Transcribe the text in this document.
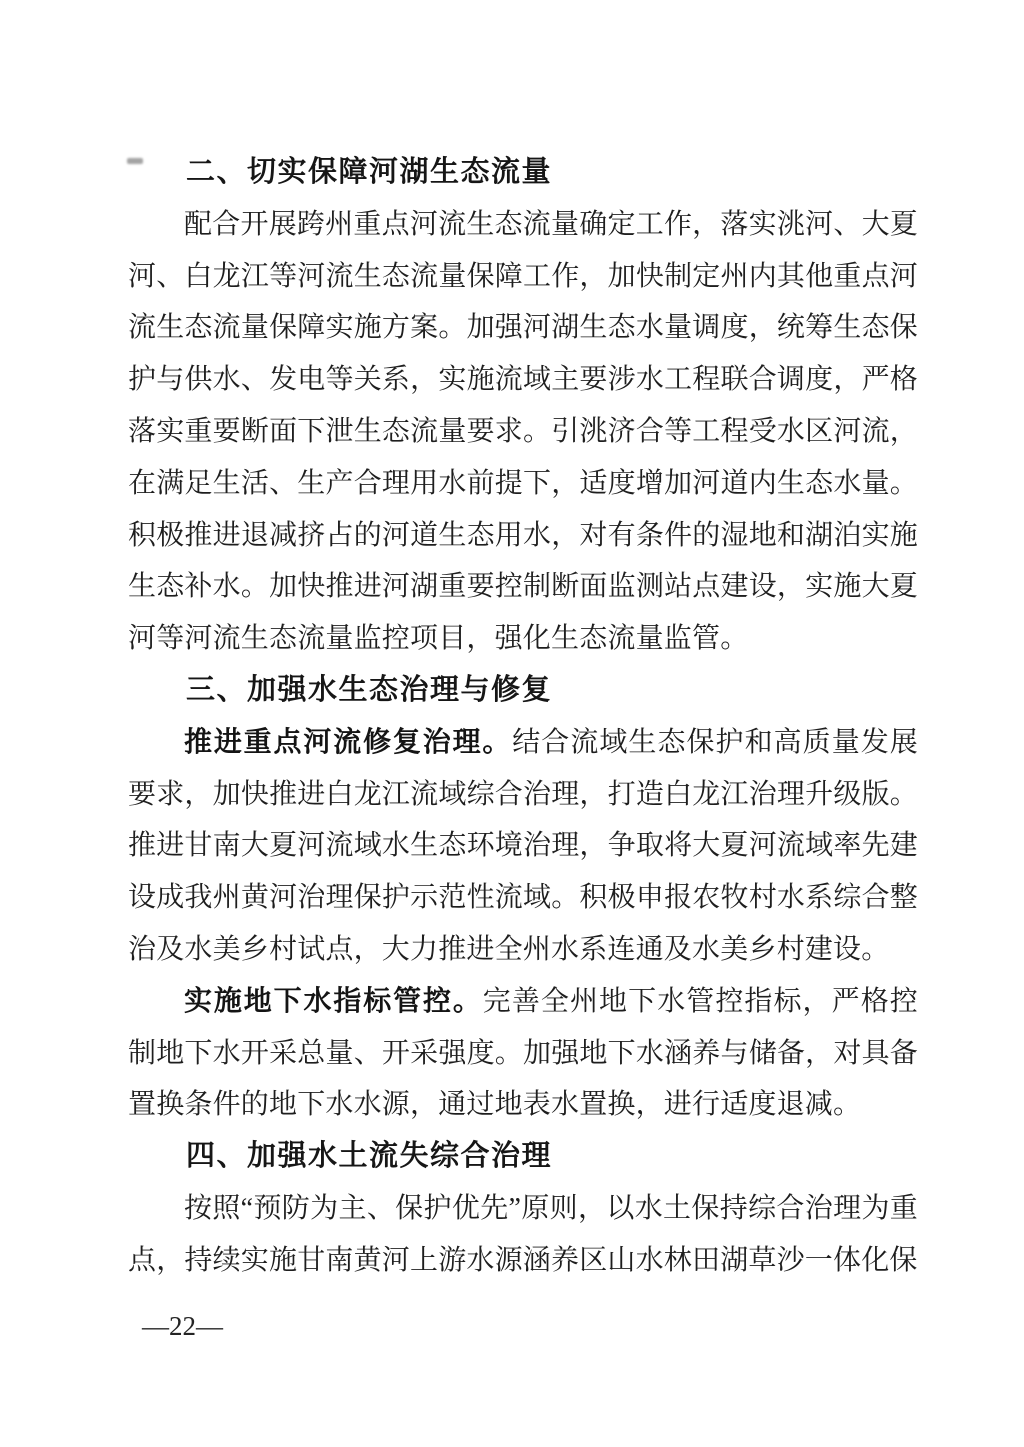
二、切实保障河湖生态流量

配合开展跨州重点河流生态流量确定工作，落实洮河、大夏河、白龙江等河流生态流量保障工作，加快制定州内其他重点河流生态流量保障实施方案。加强河湖生态水量调度，统筹生态保护与供水、发电等关系，实施流域主要涉水工程联合调度，严格落实重要断面下泄生态流量要求。引洮济合等工程受水区河流，在满足生活、生产合理用水前提下，适度增加河道内生态水量。积极推进退减挤占的河道生态用水，对有条件的湿地和湖泊实施生态补水。加快推进河湖重要控制断面监测站点建设，实施大夏河等河流生态流量监控项目，强化生态流量监管。

三、加强水生态治理与修复

推进重点河流修复治理。结合流域生态保护和高质量发展要求，加快推进白龙江流域综合治理，打造白龙江治理升级版。推进甘南大夏河流域水生态环境治理，争取将大夏河流域率先建设成我州黄河治理保护示范性流域。积极申报农牧村水系综合整治及水美乡村试点，大力推进全州水系连通及水美乡村建设。

实施地下水指标管控。完善全州地下水管控指标，严格控制地下水开采总量、开采强度。加强地下水涵养与储备，对具备置换条件的地下水水源，通过地表水置换，进行适度退减。

四、加强水土流失综合治理

按照“预防为主、保护优先”原则，以水土保持综合治理为重点，持续实施甘南黄河上游水源涵养区山水林田湖草沙一体化保

—22—
